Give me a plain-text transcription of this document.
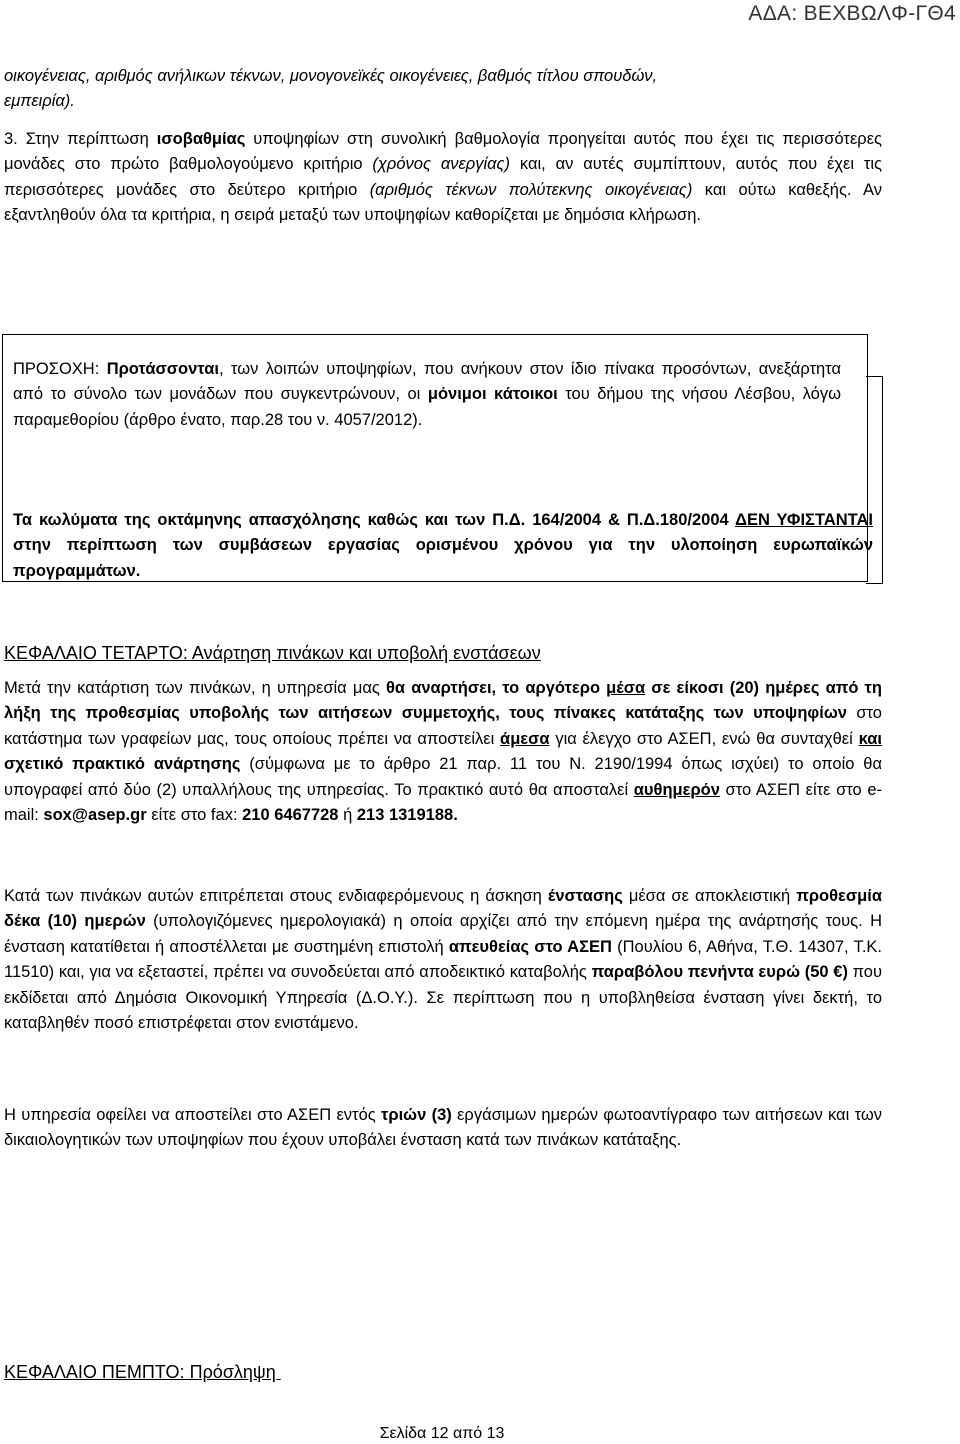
ΑΔΑ: ΒΕΧΒΩΛΦ-ΓΘ4
οικογένειας, αριθμός ανήλικων τέκνων, μονογονεϊκές οικογένειες, βαθμός τίτλου σπουδών,
εμπειρία).
3. Στην περίπτωση ισοβαθμίας υποψηφίων στη συνολική βαθμολογία προηγείται αυτός που έχει τις περισσότερες μονάδες στο πρώτο βαθμολογούμενο κριτήριο (χρόνος ανεργίας) και, αν αυτές συμπίπτουν, αυτός που έχει τις περισσότερες μονάδες στο δεύτερο κριτήριο (αριθμός τέκνων πολύτεκνης οικογένειας) και ούτω καθεξής. Αν εξαντληθούν όλα τα κριτήρια, η σειρά μεταξύ των υποψηφίων καθορίζεται με δημόσια κλήρωση.
ΠΡΟΣΟΧΗ: Προτάσσονται, των λοιπών υποψηφίων, που ανήκουν στον ίδιο πίνακα προσόντων, ανεξάρτητα από το σύνολο των μονάδων που συγκεντρώνουν, οι μόνιμοι κάτοικοι του δήμου της νήσου Λέσβου, λόγω παραμεθορίου (άρθρο ένατο, παρ.28 του ν. 4057/2012).
Τα κωλύματα της οκτάμηνης απασχόλησης καθώς και των Π.Δ. 164/2004 & Π.Δ.180/2004 ΔΕΝ ΥΦΙΣΤΑΝΤΑΙ στην περίπτωση των συμβάσεων εργασίας ορισμένου χρόνου για την υλοποίηση ευρωπαϊκών προγραμμάτων.
ΚΕΦΑΛΑΙΟ ΤΕΤΑΡΤΟ: Ανάρτηση πινάκων και υποβολή ενστάσεων
Μετά την κατάρτιση των πινάκων, η υπηρεσία μας θα αναρτήσει, το αργότερο μέσα σε είκοσι (20) ημέρες από τη λήξη της προθεσμίας υποβολής των αιτήσεων συμμετοχής, τους πίνακες κατάταξης των υποψηφίων στο κατάστημα των γραφείων μας, τους οποίους πρέπει να αποστείλει άμεσα για έλεγχο στο ΑΣΕΠ, ενώ θα συνταχθεί και σχετικό πρακτικό ανάρτησης (σύμφωνα με το άρθρο 21 παρ. 11 του Ν. 2190/1994 όπως ισχύει) το οποίο θα υπογραφεί από δύο (2) υπαλλήλους της υπηρεσίας. Το πρακτικό αυτό θα αποσταλεί αυθημερόν στο ΑΣΕΠ είτε στο e-mail: sox@asep.gr είτε στο fax: 210 6467728 ή 213 1319188.
Κατά των πινάκων αυτών επιτρέπεται στους ενδιαφερόμενους η άσκηση ένστασης μέσα σε αποκλειστική προθεσμία δέκα (10) ημερών (υπολογιζόμενες ημερολογιακά) η οποία αρχίζει από την επόμενη ημέρα της ανάρτησής τους. Η ένσταση κατατίθεται ή αποστέλλεται με συστημένη επιστολή απευθείας στο ΑΣΕΠ (Πουλίου 6, Αθήνα, Τ.Θ. 14307, Τ.Κ. 11510) και, για να εξεταστεί, πρέπει να συνοδεύεται από αποδεικτικό καταβολής παραβόλου πενήντα ευρώ (50 €) που εκδίδεται από Δημόσια Οικονομική Υπηρεσία (Δ.Ο.Υ.). Σε περίπτωση που η υποβληθείσα ένσταση γίνει δεκτή, το καταβληθέν ποσό επιστρέφεται στον ενιστάμενο.
Η υπηρεσία οφείλει να αποστείλει στο ΑΣΕΠ εντός τριών (3) εργάσιμων ημερών φωτοαντίγραφο των αιτήσεων και των δικαιολογητικών των υποψηφίων που έχουν υποβάλει ένσταση κατά των πινάκων κατάταξης.
ΚΕΦΑΛΑΙΟ ΠΕΜΠΤΟ: Πρόσληψη
Σελίδα 12 από 13
